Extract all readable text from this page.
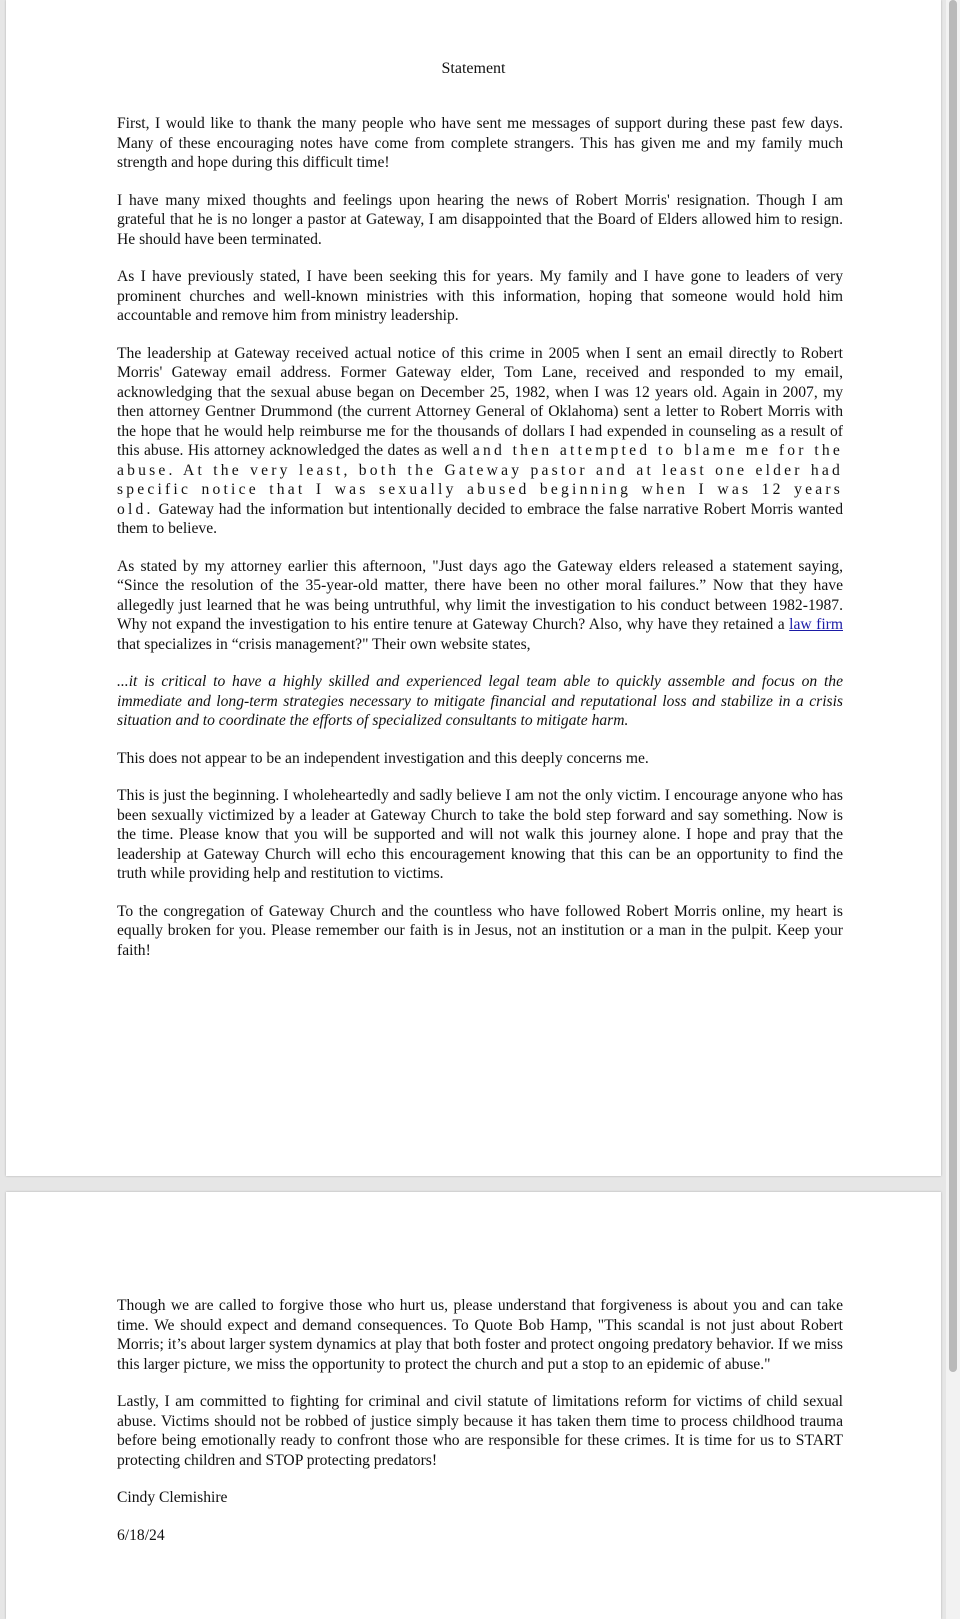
Statement

First, I would like to thank the many people who have sent me messages of support during these past few days. Many of these encouraging notes have come from complete strangers. This has given me and my family much strength and hope during this difficult time!

I have many mixed thoughts and feelings upon hearing the news of Robert Morris' resignation. Though I am grateful that he is no longer a pastor at Gateway, I am disappointed that the Board of Elders allowed him to resign. He should have been terminated.

As I have previously stated, I have been seeking this for years. My family and I have gone to leaders of very prominent churches and well-known ministries with this information, hoping that someone would hold him accountable and remove him from ministry leadership.

The leadership at Gateway received actual notice of this crime in 2005 when I sent an email directly to Robert Morris' Gateway email address. Former Gateway elder, Tom Lane, received and responded to my email, acknowledging that the sexual abuse began on December 25, 1982, when I was 12 years old. Again in 2007, my then attorney Gentner Drummond (the current Attorney General of Oklahoma) sent a letter to Robert Morris with the hope that he would help reimburse me for the thousands of dollars I had expended in counseling as a result of this abuse. His attorney acknowledged the dates as well and then attempted to blame me for the abuse. At the very least, both the Gateway pastor and at least one elder had specific notice that I was sexually abused beginning when I was 12 years old. Gateway had the information but intentionally decided to embrace the false narrative Robert Morris wanted them to believe.

As stated by my attorney earlier this afternoon, "Just days ago the Gateway elders released a statement saying, “Since the resolution of the 35-year-old matter, there have been no other moral failures.” Now that they have allegedly just learned that he was being untruthful, why limit the investigation to his conduct between 1982-1987. Why not expand the investigation to his entire tenure at Gateway Church? Also, why have they retained a law firm that specializes in “crisis management?" Their own website states,

...it is critical to have a highly skilled and experienced legal team able to quickly assemble and focus on the immediate and long-term strategies necessary to mitigate financial and reputational loss and stabilize in a crisis situation and to coordinate the efforts of specialized consultants to mitigate harm.

This does not appear to be an independent investigation and this deeply concerns me.

This is just the beginning. I wholeheartedly and sadly believe I am not the only victim. I encourage anyone who has been sexually victimized by a leader at Gateway Church to take the bold step forward and say something. Now is the time. Please know that you will be supported and will not walk this journey alone. I hope and pray that the leadership at Gateway Church will echo this encouragement knowing that this can be an opportunity to find the truth while providing help and restitution to victims.

To the congregation of Gateway Church and the countless who have followed Robert Morris online, my heart is equally broken for you. Please remember our faith is in Jesus, not an institution or a man in the pulpit. Keep your faith!

Though we are called to forgive those who hurt us, please understand that forgiveness is about you and can take time. We should expect and demand consequences. To Quote Bob Hamp, "This scandal is not just about Robert Morris; it’s about larger system dynamics at play that both foster and protect ongoing predatory behavior. If we miss this larger picture, we miss the opportunity to protect the church and put a stop to an epidemic of abuse."

Lastly, I am committed to fighting for criminal and civil statute of limitations reform for victims of child sexual abuse. Victims should not be robbed of justice simply because it has taken them time to process childhood trauma before being emotionally ready to confront those who are responsible for these crimes. It is time for us to START protecting children and STOP protecting predators!

Cindy Clemishire

6/18/24
